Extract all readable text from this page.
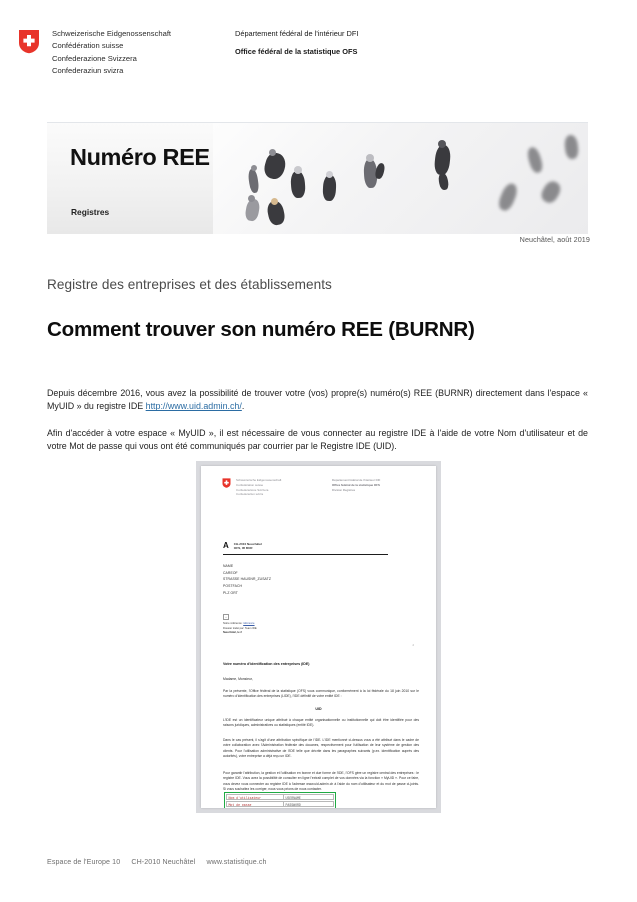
Schweizerische Eidgenossenschaft
Confédération suisse
Confederazione Svizzera
Confederaziun svizra
Département fédéral de l'intérieur DFI
Office fédéral de la statistique OFS
Numéro REE
Registres
Neuchâtel, août 2019
Registre des entreprises et des établissements
Comment trouver son numéro REE (BURNR)

Depuis décembre 2016, vous avez la possibilité de trouver votre (vos) propre(s) numéro(s) REE (BURNR) directement dans l'espace « MyUID » du registre IDE http://www.uid.admin.ch/.

Afin d'accéder à votre espace « MyUID », il est nécessaire de vous connecter au registre IDE à l'aide de votre Nom d'utilisateur et de votre Mot de passe qui vous ont été communiqués par courrier par le Registre IDE (UID).

Schweizerische Eidgenossenschaft
Confédération suisse
Confederazione Svizzera
Confederaziun svizra
Département fédéral de l'intérieur DFI
Office fédéral de la statistique OFS
Division Registres
A CH-2010 Neuchâtel
OFS, IR BUR
NAME
CAREOF
STRASSE HAUSNR_ZUSATZ
POSTFACH
PLZ ORT
+
Notre référence: référence
Dossier traité par: Team IDE
Neuchâtel, le 2
2
Votre numéro d'identification des entreprises (IDE)
Madame, Monsieur,
Par la présente, l'Office fédéral de la statistique (OFS) vous communique, conformément à la loi fédérale du 18 juin 2010 sur le numéro d'identification des entreprises (LIDE), l'IDE définitif de votre entité IDE :
UID
L'IDE est un identificateur unique attribué à chaque entité organisationnelle ou institutionnelle qui doit être identifiée pour des raisons juridiques, administratives ou statistiques (entité IDE).
Dans le cas présent, il s'agit d'une attribution spécifique de l'IDE. L'IDE mentionné ci-dessus vous a été attribué dans le cadre de votre collaboration avec l'Administration fédérale des douanes, respectivement pour l'utilisation de leur système de gestion des clients. Pour l'utilisation administrative de l'IDE telle que décrite dans les paragraphes suivants (p.ex. identification auprès des autorités), votre entreprise a déjà reçu un IDE.
Pour garantir l'attribution, la gestion et l'utilisation en bonne et due forme de l'IDE, l'OFS gère un registre central des entreprises : le registre IDE. Vous avez la possibilité de consulter en ligne l'extrait complet de vos données via la fonction « MyUID ». Pour ce faire, vous devez vous connecter au registre IDE à l'adresse www.uid.admin.ch à l'aide du nom d'utilisateur et du mot de passe ci-joints. Si vous souhaitez les corriger, nous vous prions de nous contacter.
Nom d'utilisateur	USERNAME
Mot de passe	PASSWORD
Espace de l'Europe 10 CH-2010 Neuchâtel www.statistique.ch
